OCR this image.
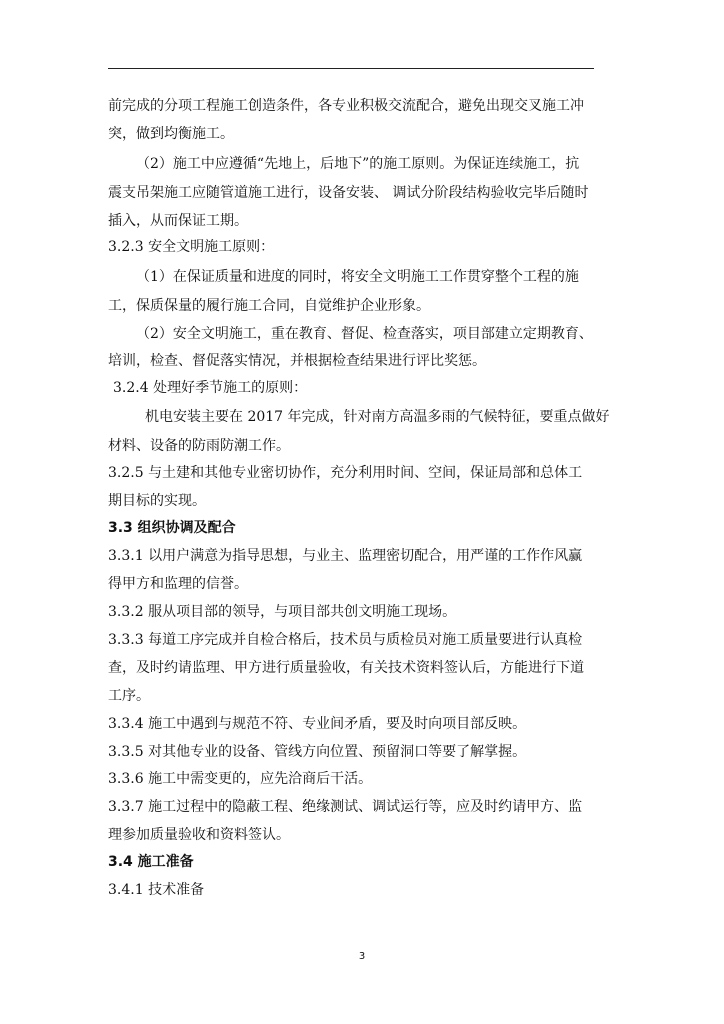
前完成的分项工程施工创造条件，各专业积极交流配合，避免出现交叉施工冲
突，做到均衡施工。
（2）施工中应遵循“先地上，后地下”的施工原则。为保证连续施工，抗
震支吊架施工应随管道施工进行，设备安装、 调试分阶段结构验收完毕后随时
插入，从而保证工期。
3.2.3 安全文明施工原则：
（1）在保证质量和进度的同时，将安全文明施工工作贯穿整个工程的施
工，保质保量的履行施工合同，自觉维护企业形象。
（2）安全文明施工，重在教育、督促、检查落实，项目部建立定期教育、
培训，检查、督促落实情况，并根据检查结果进行评比奖惩。
3.2.4 处理好季节施工的原则：
机电安装主要在 2017 年完成，针对南方高温多雨的气候特征，要重点做好
材料、设备的防雨防潮工作。
3.2.5 与土建和其他专业密切协作，充分利用时间、空间，保证局部和总体工
期目标的实现。
3.3 组织协调及配合
3.3.1 以用户满意为指导思想，与业主、监理密切配合，用严谨的工作作风赢
得甲方和监理的信誉。
3.3.2 服从项目部的领导，与项目部共创文明施工现场。
3.3.3 每道工序完成并自检合格后，技术员与质检员对施工质量要进行认真检
查，及时约请监理、甲方进行质量验收，有关技术资料签认后，方能进行下道
工序。
3.3.4 施工中遇到与规范不符、专业间矛盾，要及时向项目部反映。
3.3.5 对其他专业的设备、管线方向位置、预留洞口等要了解掌握。
3.3.6 施工中需变更的，应先洽商后干活。
3.3.7 施工过程中的隐蔽工程、绝缘测试、调试运行等，应及时约请甲方、监
理参加质量验收和资料签认。
3.4 施工准备
3.4.1 技术准备
3
